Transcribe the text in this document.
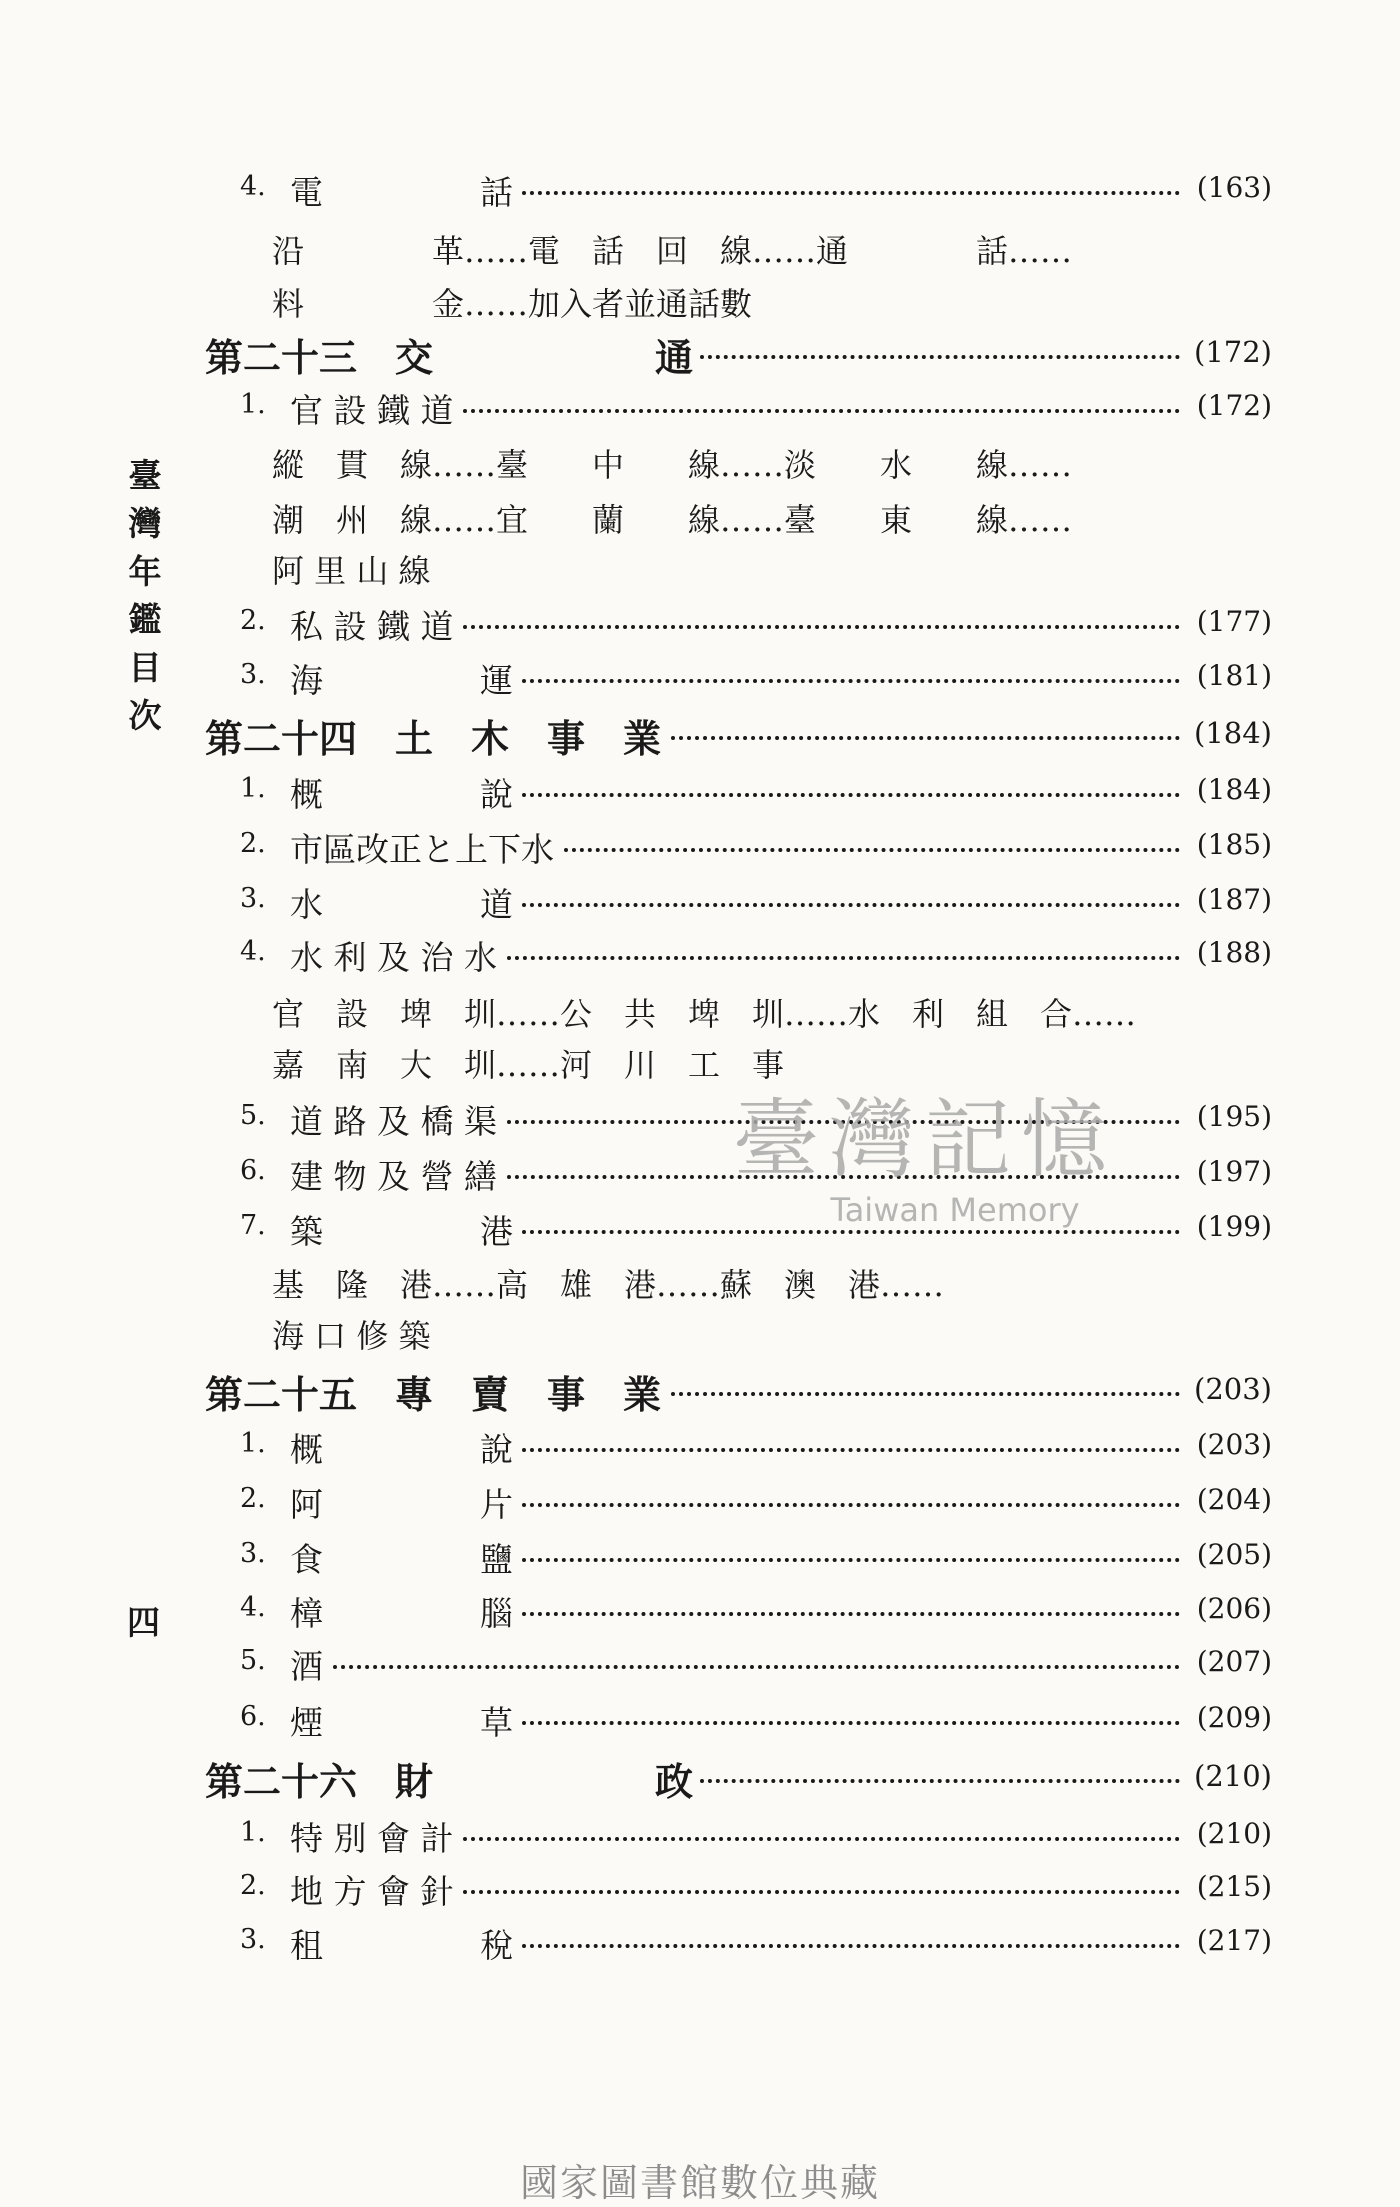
臺
灣
年
鑑
目
次
四
4. 電	話	(163)
沿　　　　革……電　話　回　線……通　　　　話……
料　　　　金……加入者並通話數
第二十三　交	通	(172)
1. 官 設 鐵 道	(172)
縱　貫　線……臺　　中　　線……淡　　水　　線……
潮　州　線……宜　　蘭　　線……臺　　東　　線……
阿 里 山 線
2. 私 設 鐵 道	(177)
3. 海	運	(181)
第二十四　土　木　事　業	(184)
1. 概	說	(184)
2. 市區改正と上下水	(185)
3. 水	道	(187)
4. 水 利 及 治 水	(188)
官　設　埤　圳……公　共　埤　圳……水　利　組　合……
嘉　南　大　圳……河　川　工　事
5. 道 路 及 橋 渠	(195)
6. 建 物 及 營 繕	(197)
7. 築	港	(199)
基　隆　港……高　雄　港……蘇　澳　港……
海 口 修 築
第二十五　專　賣　事　業	(203)
1. 概	說	(203)
2. 阿	片	(204)
3. 食	鹽	(205)
4. 樟	腦	(206)
5. 酒	(207)
6. 煙	草	(209)
第二十六　財	政	(210)
1. 特 別 會 計	(210)
2. 地 方 會 針	(215)
3. 租	稅	(217)
臺灣記憶
Taiwan Memory
國家圖書館數位典藏
